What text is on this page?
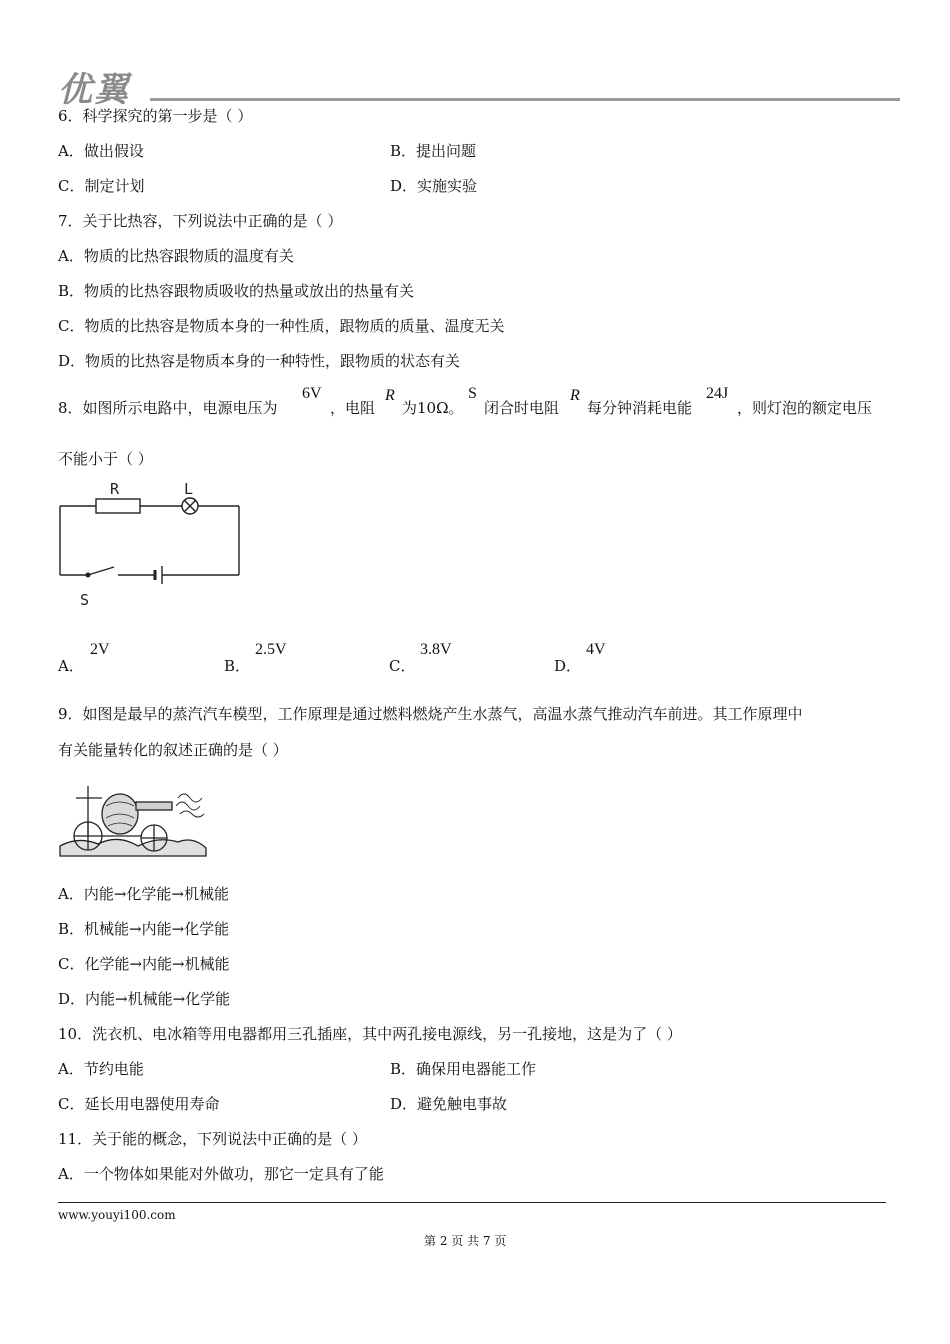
优翼
6．科学探究的第一步是（ ）
A．做出假设	B．提出问题
C．制定计划	D．实施实验
7．关于比热容，下列说法中正确的是（ ）
A．物质的比热容跟物质的温度有关
B．物质的比热容跟物质吸收的热量或放出的热量有关
C．物质的比热容是物质本身的一种性质，跟物质的质量、温度无关
D．物质的比热容是物质本身的一种特性，跟物质的状态有关
8．如图所示电路中，电源电压为
6V
，电阻
R
为10Ω。
S
闭合时电阻
R
每分钟消耗电能
24J
，则灯泡的额定电压
不能小于（ ）
R	L
S
A．
2V
B．
2.5V
C．
3.8V
D．
4V
9．如图是最早的蒸汽汽车模型，工作原理是通过燃料燃烧产生水蒸气，高温水蒸气推动汽车前进。其工作原理中
有关能量转化的叙述正确的是（ ）
A．内能→化学能→机械能
B．机械能→内能→化学能
C．化学能→内能→机械能
D．内能→机械能→化学能
10．洗衣机、电冰箱等用电器都用三孔插座，其中两孔接电源线，另一孔接地，这是为了（ ）
A．节约电能	B．确保用电器能工作
C．延长用电器使用寿命	D．避免触电事故
11．关于能的概念，下列说法中正确的是（ ）
A．一个物体如果能对外做功，那它一定具有了能
www.youyi100.com
第 2 页 共 7 页
